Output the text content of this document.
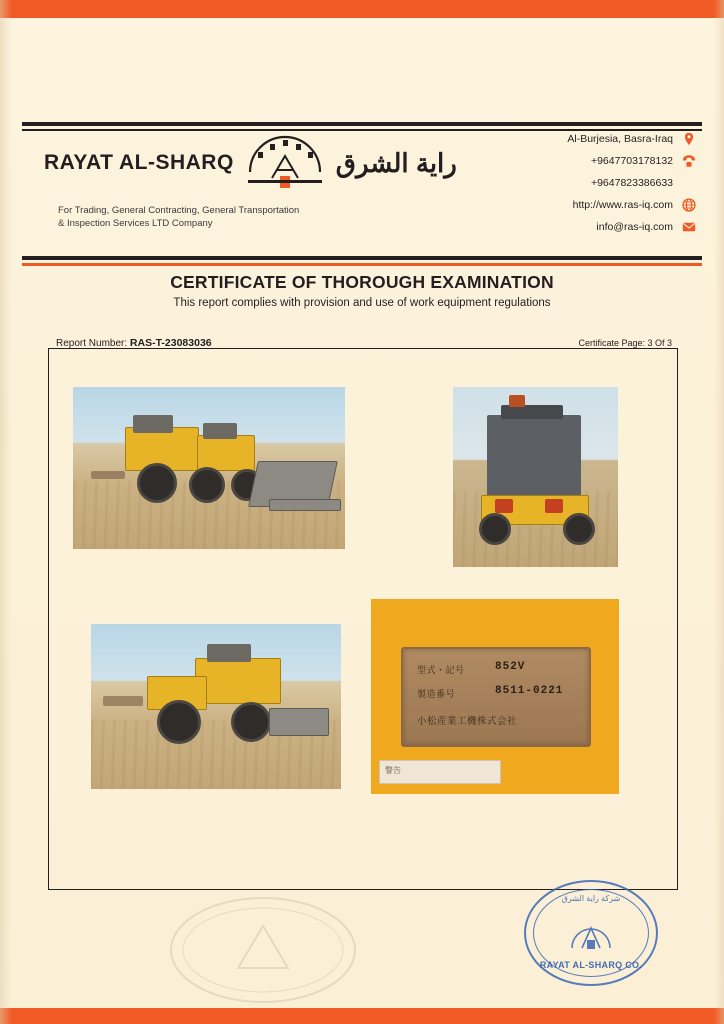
RAYAT AL-SHARQ	راية الشرق
For Trading, General Contracting, General Transportation
& Inspection Services LTD Company
Al-Burjesia, Basra-Iraq
+9647703178132
+9647823386633
http://www.ras-iq.com
info@ras-iq.com
CERTIFICATE OF THOROUGH EXAMINATION
This report complies with provision and use of work equipment regulations
Report Number: RAS-T-23083036	Certificate Page: 3 Of 3
型式・記号	852V
製造番号	8511-0221
小松産業工機株式会社
警告
شركة راية الشرق
RAYAT AL-SHARQ CO.
